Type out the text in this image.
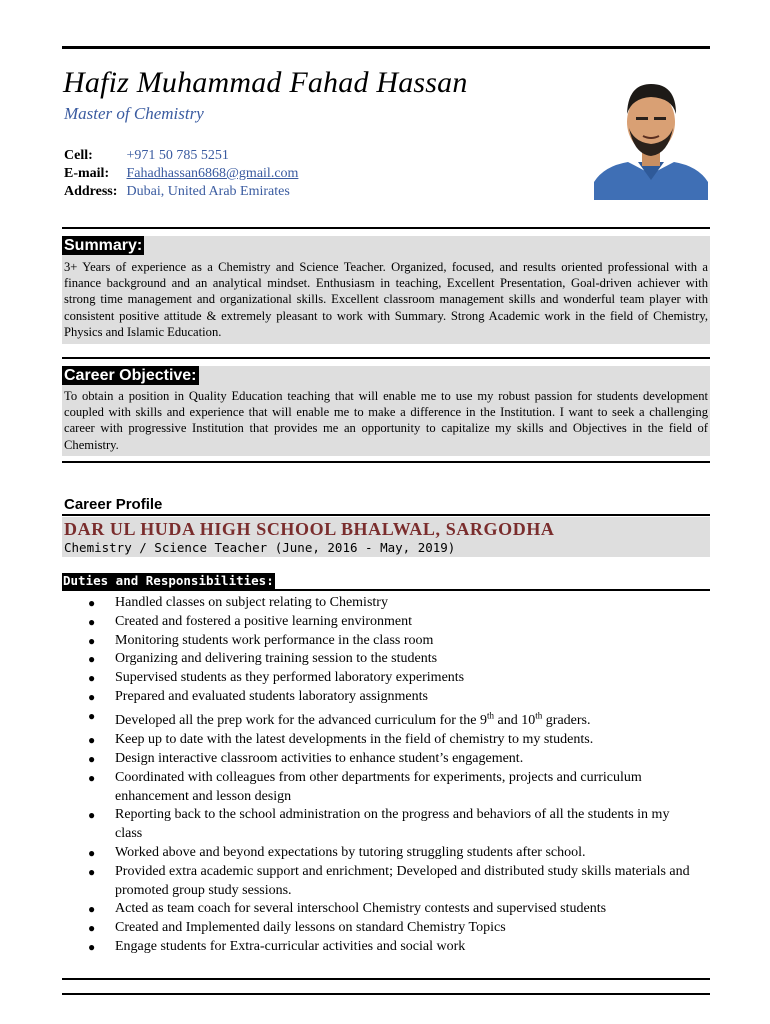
Hafiz Muhammad Fahad Hassan
Master of Chemistry
Cell: +971 50 785 5251
E-mail: Fahadhassan6868@gmail.com
Address: Dubai, United Arab Emirates
Summary:
3+ Years of experience as a Chemistry and Science Teacher. Organized, focused, and results oriented professional with a finance background and an analytical mindset. Enthusiasm in teaching, Excellent Presentation, Goal-driven achiever with strong time management and organizational skills. Excellent classroom management skills and wonderful team player with consistent positive attitude & extremely pleasant to work with Summary. Strong Academic work in the field of Chemistry, Physics and Islamic Education.
Career Objective:
To obtain a position in Quality Education teaching that will enable me to use my robust passion for students development coupled with skills and experience that will enable me to make a difference in the Institution. I want to seek a challenging career with progressive Institution that provides me an opportunity to capitalize my skills and Objectives in the field of Chemistry.
Career Profile
DAR UL HUDA HIGH SCHOOL BHALWAL, SARGODHA
Chemistry / Science Teacher (June, 2016 - May, 2019)
Duties and Responsibilities:
● Handled classes on subject relating to Chemistry
● Created and fostered a positive learning environment
● Monitoring students work performance in the class room
● Organizing and delivering training session to the students
● Supervised students as they performed laboratory experiments
● Prepared and evaluated students laboratory assignments
● Developed all the prep work for the advanced curriculum for the 9th and 10th graders.
● Keep up to date with the latest developments in the field of chemistry to my students.
● Design interactive classroom activities to enhance student’s engagement.
● Coordinated with colleagues from other departments for experiments, projects and curriculum enhancement and lesson design
● Reporting back to the school administration on the progress and behaviors of all the students in my class
● Worked above and beyond expectations by tutoring struggling students after school.
● Provided extra academic support and enrichment; Developed and distributed study skills materials and promoted group study sessions.
● Acted as team coach for several interschool Chemistry contests and supervised students
● Created and Implemented daily lessons on standard Chemistry Topics
● Engage students for Extra-curricular activities and social work
